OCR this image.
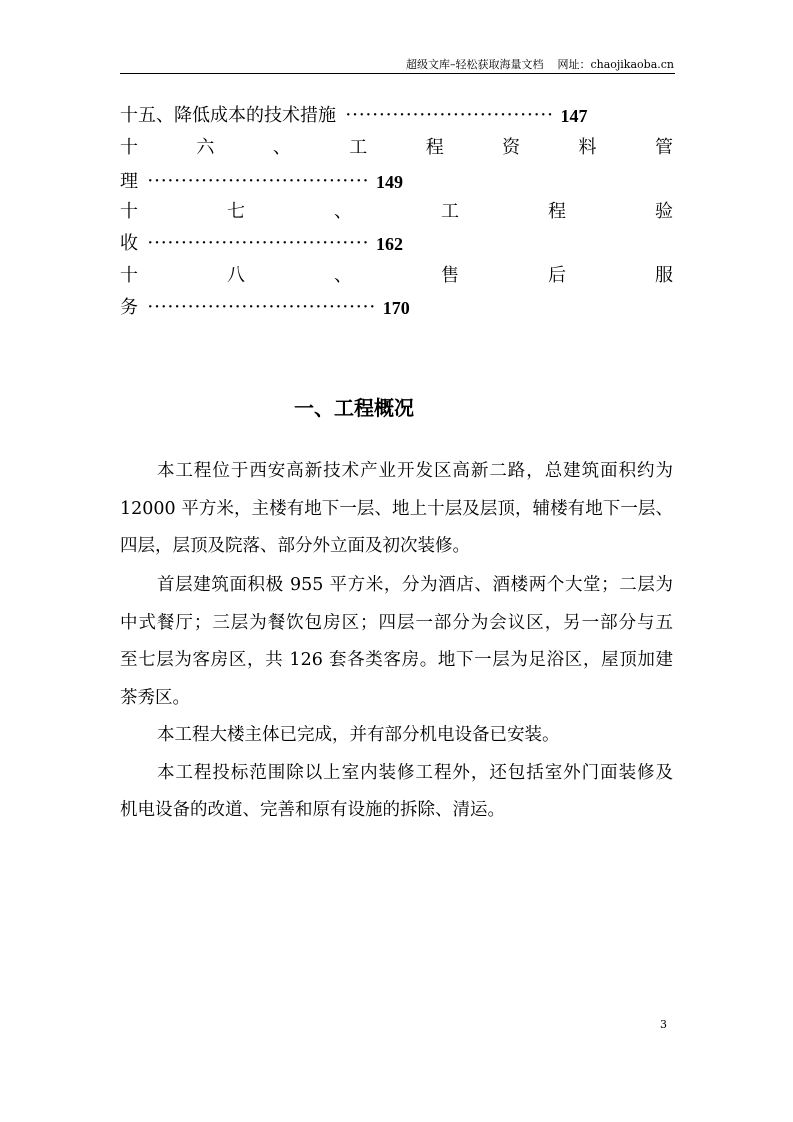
超级文库–轻松获取海量文档 网址：chaojikaoba.cn
十五、降低成本的技术措施 ······························· 147
十	六	、	工	程	资	料	管
理 ································· 149
十	七	、	工	程	验
收 ································· 162
十	八	、	售	后	服
务 ·································· 170
一、工程概况
本工程位于西安高新技术产业开发区高新二路，总建筑面积约为
12000 平方米，主楼有地下一层、地上十层及层顶，辅楼有地下一层、
四层，层顶及院落、部分外立面及初次装修。
首层建筑面积极 955 平方米，分为酒店、酒楼两个大堂；二层为
中式餐厅；三层为餐饮包房区；四层一部分为会议区，另一部分与五
至七层为客房区，共 126 套各类客房。地下一层为足浴区，屋顶加建
茶秀区。
本工程大楼主体已完成，并有部分机电设备已安装。
本工程投标范围除以上室内装修工程外，还包括室外门面装修及
机电设备的改道、完善和原有设施的拆除、清运。
3
